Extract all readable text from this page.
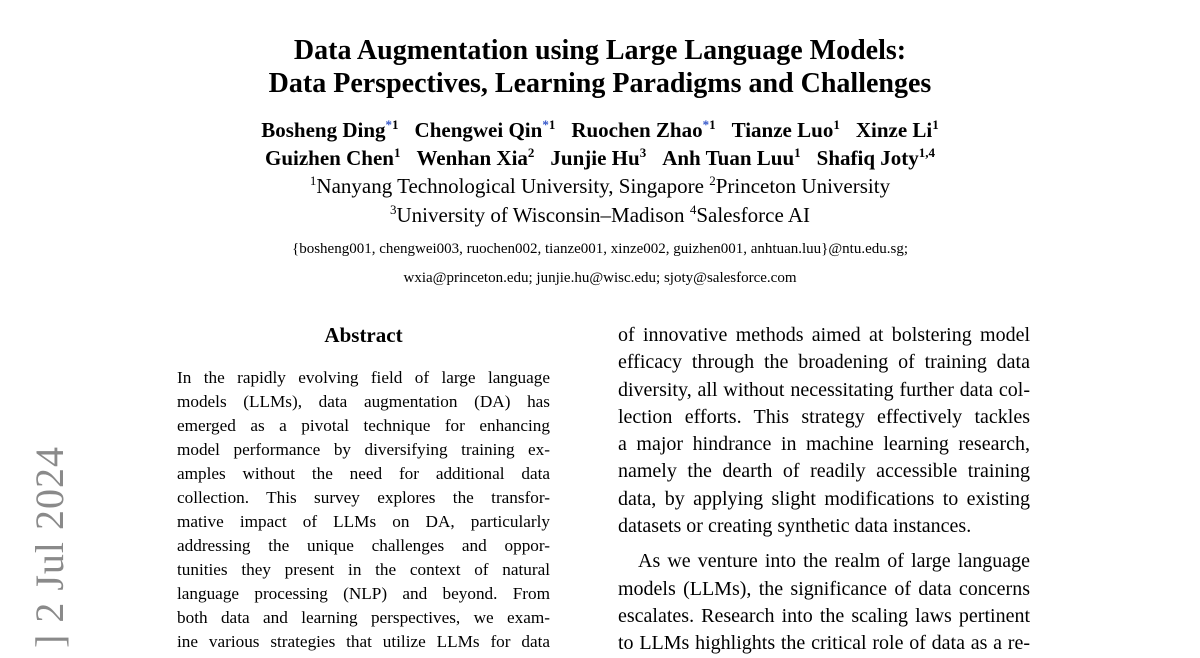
] 2 Jul 2024
Data Augmentation using Large Language Models:
Data Perspectives, Learning Paradigms and Challenges
Bosheng Ding$^{*1}$ Chengwei Qin$^{*1}$ Ruochen Zhao$^{*1}$ Tianze Luo$^1$ Xinze Li$^1$
Guizhen Chen$^1$ Wenhan Xia$^2$ Junjie Hu$^3$ Anh Tuan Luu$^1$ Shafiq Joty$^{1,4}$
$^1$Nanyang Technological University, Singapore $^2$Princeton University
$^3$University of Wisconsin–Madison $^4$Salesforce AI
{bosheng001, chengwei003, ruochen002, tianze001, xinze002, guizhen001, anhtuan.luu}@ntu.edu.sg;
wxia@princeton.edu; junjie.hu@wisc.edu; sjoty@salesforce.com
Abstract
In the rapidly evolving field of large language
models (LLMs), data augmentation (DA) has
emerged as a pivotal technique for enhancing
model performance by diversifying training ex-
amples without the need for additional data
collection. This survey explores the transfor-
mative impact of LLMs on DA, particularly
addressing the unique challenges and oppor-
tunities they present in the context of natural
language processing (NLP) and beyond. From
both data and learning perspectives, we exam-
ine various strategies that utilize LLMs for data
of innovative methods aimed at bolstering model
efficacy through the broadening of training data
diversity, all without necessitating further data col-
lection efforts. This strategy effectively tackles
a major hindrance in machine learning research,
namely the dearth of readily accessible training
data, by applying slight modifications to existing
datasets or creating synthetic data instances.
As we venture into the realm of large language
models (LLMs), the significance of data concerns
escalates. Research into the scaling laws pertinent
to LLMs highlights the critical role of data as a re-
